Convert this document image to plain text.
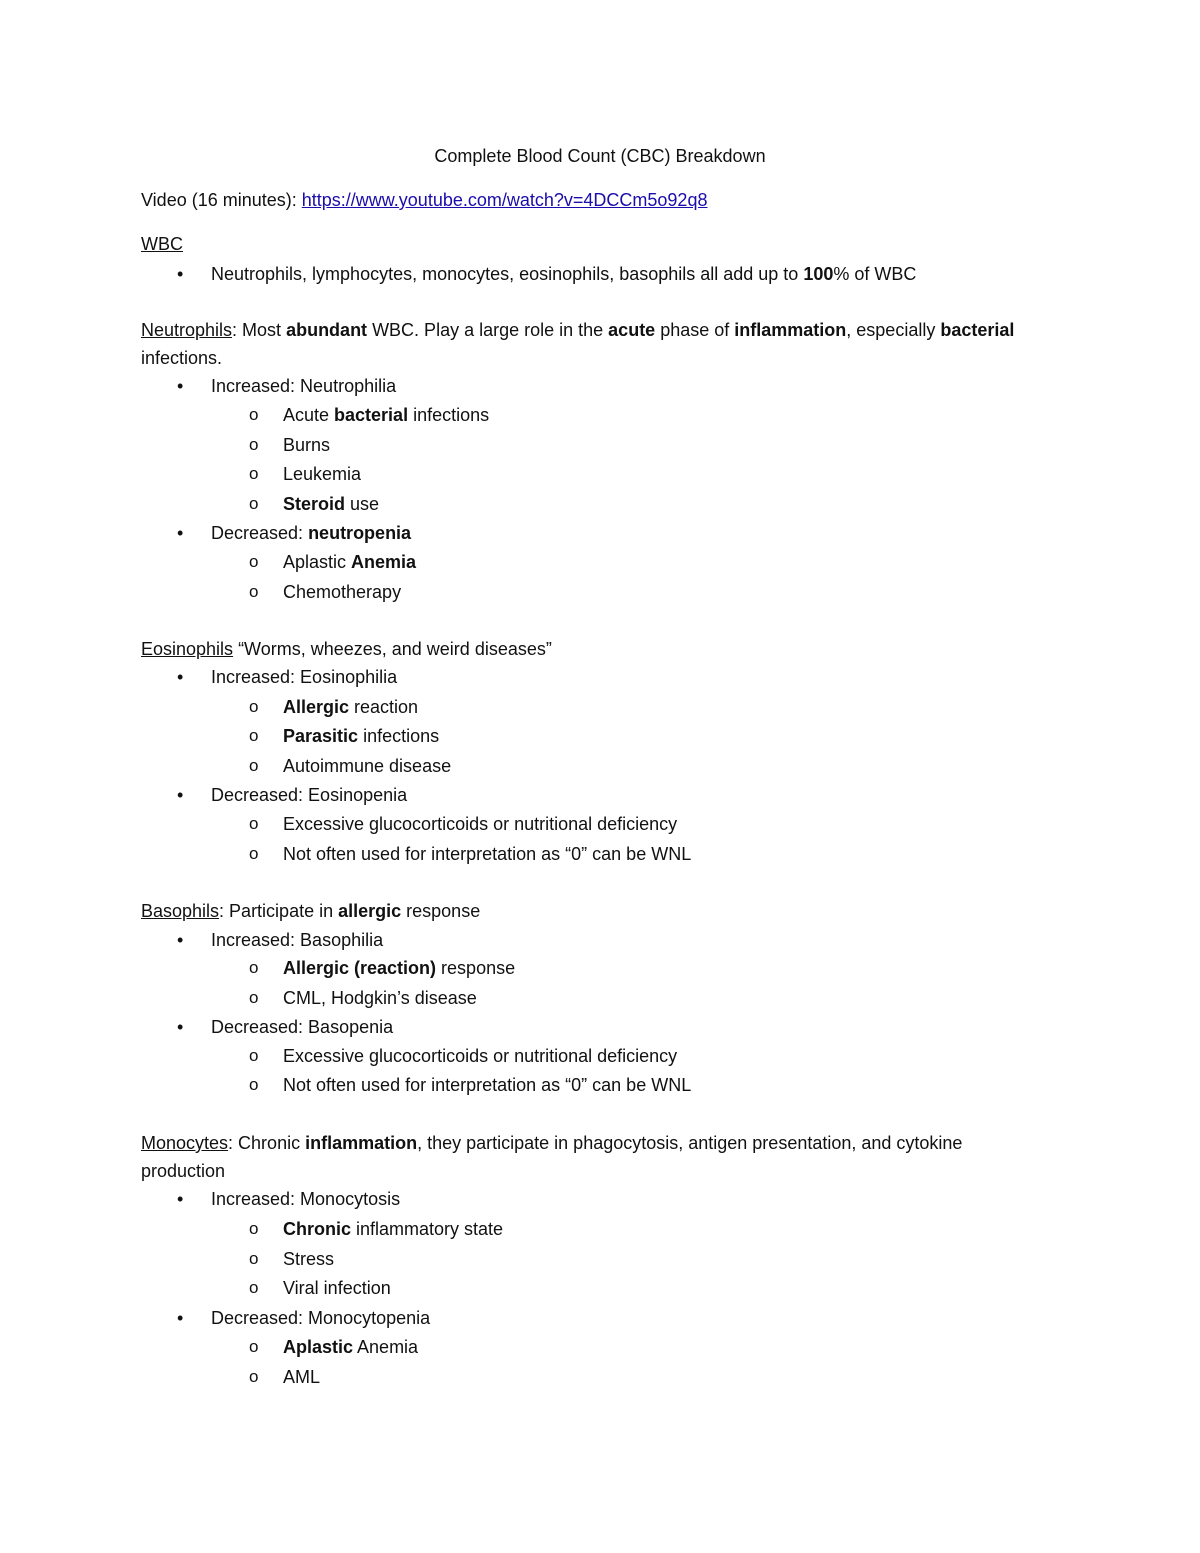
Complete Blood Count (CBC) Breakdown
Video (16 minutes): https://www.youtube.com/watch?v=4DCCm5o92q8
WBC
• Neutrophils, lymphocytes, monocytes, eosinophils, basophils all add up to 100% of WBC
Neutrophils: Most abundant WBC. Play a large role in the acute phase of inflammation, especially bacterial infections.
• Increased: Neutrophilia
o Acute bacterial infections
o Burns
o Leukemia
o Steroid use
• Decreased: neutropenia
o Aplastic Anemia
o Chemotherapy
Eosinophils “Worms, wheezes, and weird diseases”
• Increased: Eosinophilia
o Allergic reaction
o Parasitic infections
o Autoimmune disease
• Decreased: Eosinopenia
o Excessive glucocorticoids or nutritional deficiency
o Not often used for interpretation as “0” can be WNL
Basophils: Participate in allergic response
• Increased: Basophilia
o Allergic (reaction) response
o CML, Hodgkin’s disease
• Decreased: Basopenia
o Excessive glucocorticoids or nutritional deficiency
o Not often used for interpretation as “0” can be WNL
Monocytes: Chronic inflammation, they participate in phagocytosis, antigen presentation, and cytokine production
• Increased: Monocytosis
o Chronic inflammatory state
o Stress
o Viral infection
• Decreased: Monocytopenia
o Aplastic Anemia
o AML
